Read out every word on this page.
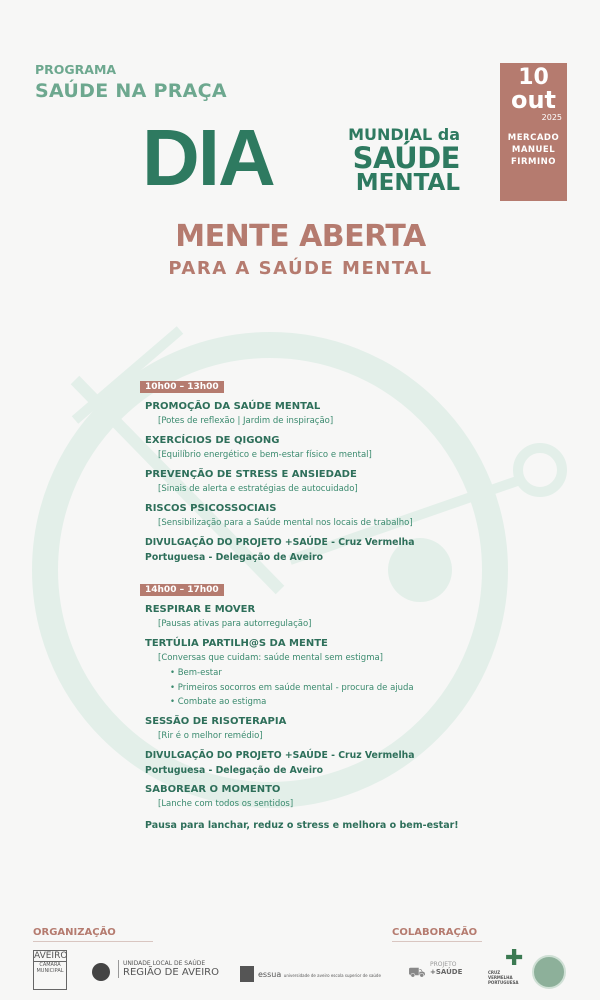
PROGRAMA
SAÚDE NA PRAÇA
10
out
2025
MERCADO
MANUEL
FIRMINO
DIA	MUNDIAL da
SAÚDE
MENTAL
MENTE ABERTA
PARA A SAÚDE MENTAL
10h00 – 13h00
PROMOÇÃO DA SAÚDE MENTAL
[Potes de reflexão | Jardim de inspiração]
EXERCÍCIOS DE QIGONG
[Equilíbrio energético e bem-estar físico e mental]
PREVENÇÃO DE STRESS E ANSIEDADE
[Sinais de alerta e estratégias de autocuidado]
RISCOS PSICOSSOCIAIS
[Sensibilização para a Saúde mental nos locais de trabalho]
DIVULGAÇÃO DO PROJETO +SAÚDE - Cruz Vermelha
Portuguesa - Delegação de Aveiro
14h00 – 17h00
RESPIRAR E MOVER
[Pausas ativas para autorregulação]
TERTÚLIA PARTILH@S DA MENTE
[Conversas que cuidam: saúde mental sem estigma]
• Bem-estar
• Primeiros socorros em saúde mental - procura de ajuda
• Combate ao estigma
SESSÃO DE RISOTERAPIA
[Rir é o melhor remédio]
DIVULGAÇÃO DO PROJETO +SAÚDE - Cruz Vermelha
Portuguesa - Delegação de Aveiro
SABOREAR O MOMENTO
[Lanche com todos os sentidos]
Pausa para lanchar, reduz o stress e melhora o bem-estar!
ORGANIZAÇÃO	COLABORAÇÃO
AVEIRO
CÂMARA MUNICIPAL
UNIDADE LOCAL DE SAÚDE
REGIÃO DE AVEIRO	essua universidade de aveiro escola superior de saúde ⛟
PROJETO
+SAÚDE
✚
CRUZ VERMELHA PORTUGUESA
